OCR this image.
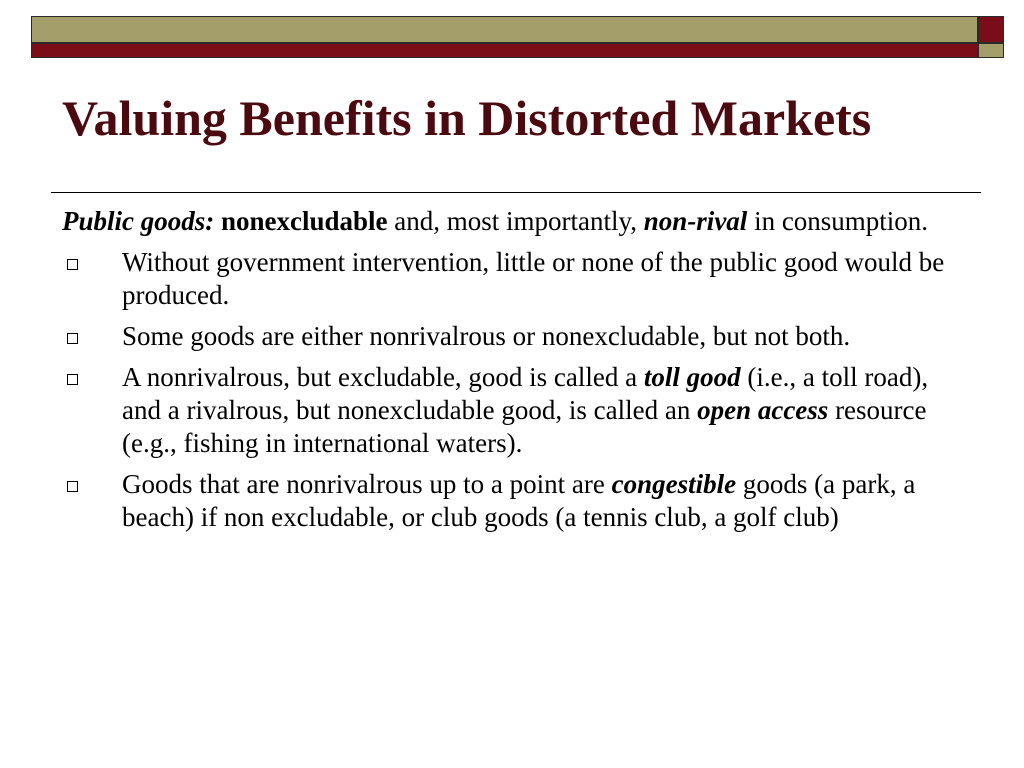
Valuing Benefits in Distorted Markets

Public goods: nonexcludable and, most importantly, non-rival in consumption.

Without government intervention, little or none of the public good would be produced.
Some goods are either nonrivalrous or nonexcludable, but not both.
A nonrivalrous, but excludable, good is called a toll good (i.e., a toll road), and a rivalrous, but nonexcludable good, is called an open access resource (e.g., fishing in international waters).
Goods that are nonrivalrous up to a point are congestible goods (a park, a beach) if non excludable, or club goods (a tennis club, a golf club)
